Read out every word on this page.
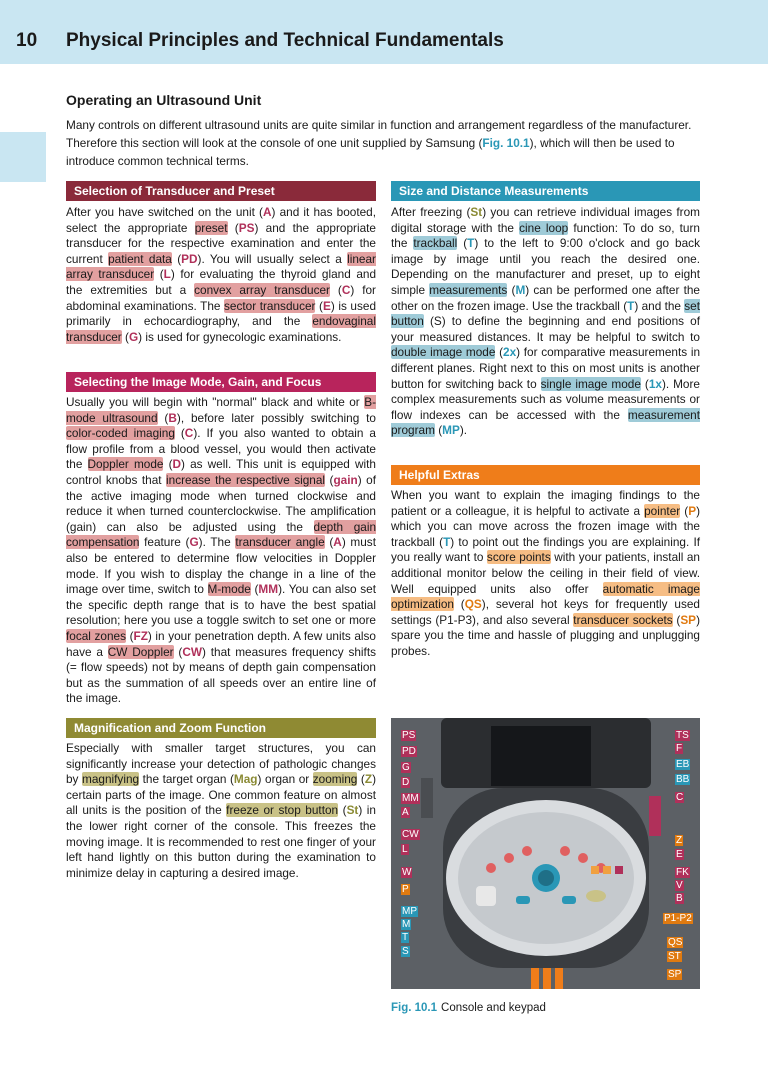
10 Physical Principles and Technical Fundamentals
Operating an Ultrasound Unit
Many controls on different ultrasound units are quite similar in function and arrangement regardless of the manufacturer. Therefore this section will look at the console of one unit supplied by Samsung (Fig. 10.1), which will then be used to introduce common technical terms.
Selection of Transducer and Preset
After you have switched on the unit (A) and it has booted, select the appropriate preset (PS) and the appropriate transducer for the respective examination and enter the current patient data (PD). You will usually select a linear array transducer (L) for evaluating the thyroid gland and the extremities but a convex array transducer (C) for abdominal examinations. The sector transducer (E) is used primarily in echocardiography, and the endovaginal transducer (G) is used for gynecologic examinations.
Selecting the Image Mode, Gain, and Focus
Usually you will begin with "normal" black and white or B-mode ultrasound (B), before later possibly switching to color-coded imaging (C). If you also wanted to obtain a flow profile from a blood vessel, you would then activate the Doppler mode (D) as well. This unit is equipped with control knobs that increase the respective signal (gain) of the active imaging mode when turned clockwise and reduce it when turned counterclockwise. The amplification (gain) can also be adjusted using the depth gain compensation feature (G). The transducer angle (A) must also be entered to determine flow velocities in Doppler mode. If you wish to display the change in a line of the image over time, switch to M-mode (MM). You can also set the specific depth range that is to have the best spatial resolution; here you use a toggle switch to set one or more focal zones (FZ) in your penetration depth. A few units also have a CW Doppler (CW) that measures frequency shifts (= flow speeds) not by means of depth gain compensation but as the summation of all speeds over an entire line of the image.
Magnification and Zoom Function
Especially with smaller target structures, you can significantly increase your detection of pathologic changes by magnifying the target organ (Mag) organ or zooming (Z) certain parts of the image. One common feature on almost all units is the position of the freeze or stop button (St) in the lower right corner of the console. This freezes the moving image. It is recommended to rest one finger of your left hand lightly on this button during the examination to minimize delay in capturing a desired image.
Size and Distance Measurements
After freezing (St) you can retrieve individual images from digital storage with the cine loop function: To do so, turn the trackball (T) to the left to 9:00 o'clock and go back image by image until you reach the desired one. Depending on the manufacturer and preset, up to eight simple measurements (M) can be performed one after the other on the frozen image. Use the trackball (T) and the set button (S) to define the beginning and end positions of your measured distances. It may be helpful to switch to double image mode (2x) for comparative measurements in different planes. Right next to this on most units is another button for switching back to single image mode (1x). More complex measurements such as volume measurements or flow indexes can be accessed with the measurement program (MP).
Helpful Extras
When you want to explain the imaging findings to the patient or a colleague, it is helpful to activate a pointer (P) which you can move across the frozen image with the trackball (T) to point out the findings you are explaining. If you really want to score points with your patients, install an additional monitor below the ceiling in their field of view. Well equipped units also offer automatic image optimization (QS), several hot keys for frequently used settings (P1-P3), and also several transducer sockets (SP) spare you the time and hassle of plugging and unplugging probes.
PS
PD
G
D
MM
A
CW
L
W
P
MP
M
T
S
TS
F
EB
BB
C
Z
E
FK
V
B
P1-P2
QS
ST
SP
Fig. 10.1 Console and keypad
